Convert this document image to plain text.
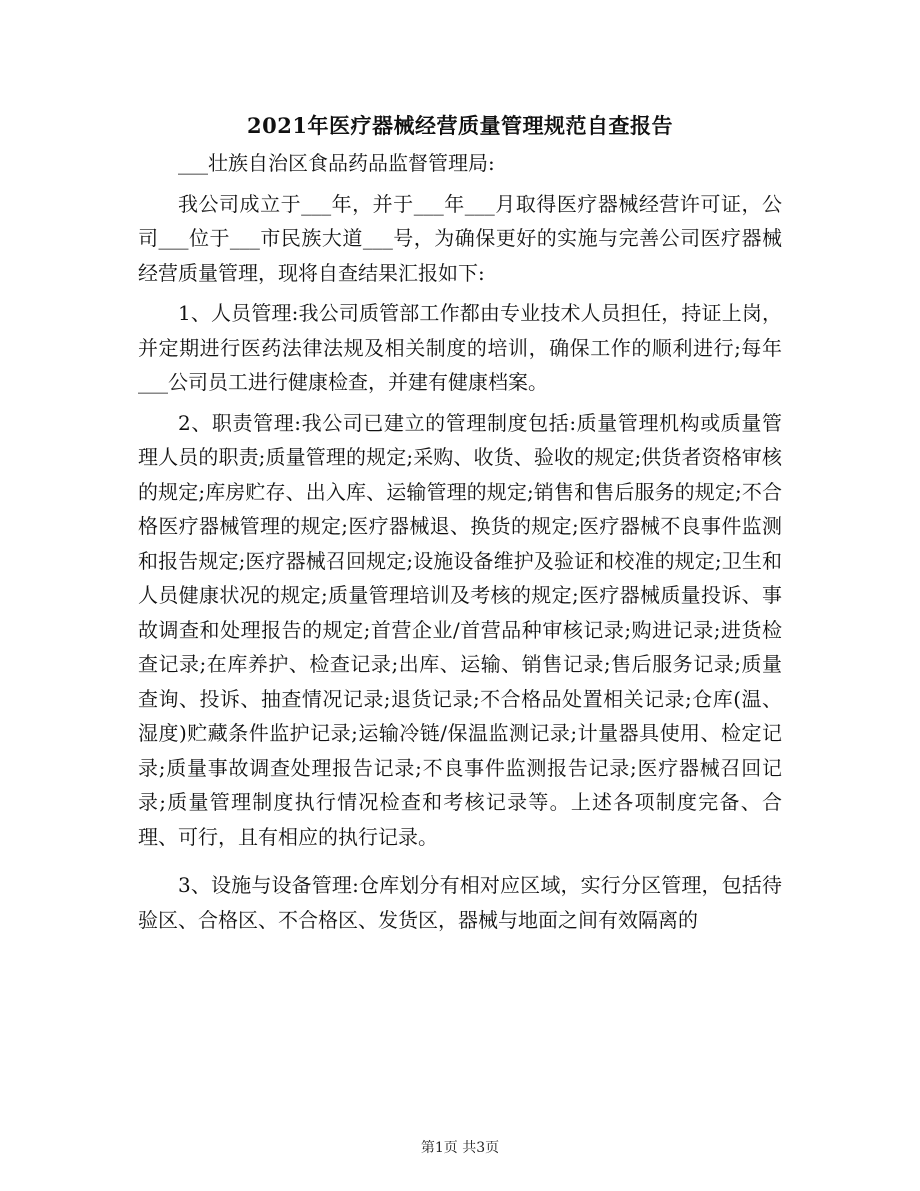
2021年医疗器械经营质量管理规范自查报告

___壮族自治区食品药品监督管理局:

我公司成立于___年，并于___年___月取得医疗器械经营许可证，公司___位于___市民族大道___号，为确保更好的实施与完善公司医疗器械经营质量管理，现将自查结果汇报如下:

1、人员管理:我公司质管部工作都由专业技术人员担任，持证上岗，并定期进行医药法律法规及相关制度的培训，确保工作的顺利进行;每年___公司员工进行健康检查，并建有健康档案。

2、职责管理:我公司已建立的管理制度包括:质量管理机构或质量管理人员的职责;质量管理的规定;采购、收货、验收的规定;供货者资格审核的规定;库房贮存、出入库、运输管理的规定;销售和售后服务的规定;不合格医疗器械管理的规定;医疗器械退、换货的规定;医疗器械不良事件监测和报告规定;医疗器械召回规定;设施设备维护及验证和校准的规定;卫生和人员健康状况的规定;质量管理培训及考核的规定;医疗器械质量投诉、事故调查和处理报告的规定;首营企业/首营品种审核记录;购进记录;进货检查记录;在库养护、检查记录;出库、运输、销售记录;售后服务记录;质量查询、投诉、抽查情况记录;退货记录;不合格品处置相关记录;仓库(温、湿度)贮藏条件监护记录;运输冷链/保温监测记录;计量器具使用、检定记录;质量事故调查处理报告记录;不良事件监测报告记录;医疗器械召回记录;质量管理制度执行情况检查和考核记录等。上述各项制度完备、合理、可行，且有相应的执行记录。

3、设施与设备管理:仓库划分有相对应区域，实行分区管理，包括待验区、合格区、不合格区、发货区，器械与地面之间有效隔离的

第1页 共3页
